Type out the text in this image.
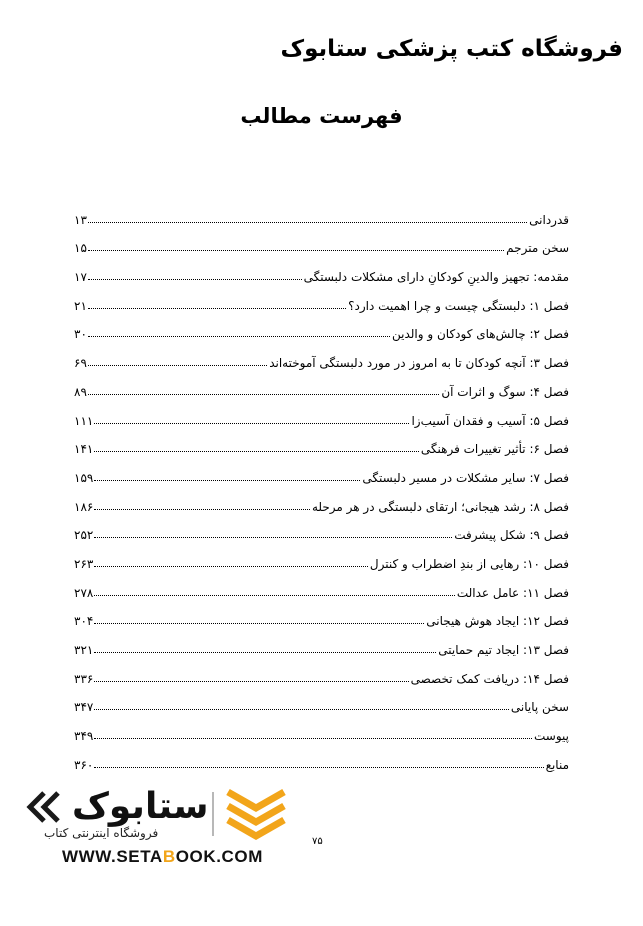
فروشگاه کتب پزشکی ستابوک
فهرست مطالب
قدردانی
۱۳
سخن مترجم
۱۵
مقدمه: تجهیز والدینِ کودکانِ دارای مشکلات دلبستگی
۱۷
فصل ۱: دلبستگی چیست و چرا اهمیت دارد؟
۲۱
فصل ۲: چالش‌های کودکان و والدین
۳۰
فصل ۳: آنچه کودکان تا به امروز در مورد دلبستگی آموخته‌اند
۶۹
فصل ۴: سوگ و اثرات آن
۸۹
فصل ۵: آسیب و فقدان آسیب‌زا
۱۱۱
فصل ۶: تأثیر تغییرات فرهنگی
۱۴۱
فصل ۷: سایر مشکلات در مسیر دلبستگی
۱۵۹
فصل ۸: رشد هیجانی؛ ارتقای دلبستگی در هر مرحله
۱۸۶
فصل ۹: شکل پیشرفت
۲۵۲
فصل ۱۰: رهایی از بندِ اضطراب و کنترل
۲۶۳
فصل ۱۱: عامل عدالت
۲۷۸
فصل ۱۲: ایجاد هوش هیجانی
۳۰۴
فصل ۱۳: ایجاد تیم حمایتی
۳۲۱
فصل ۱۴: دریافت کمک تخصصی
۳۳۶
سخن پایانی
۳۴۷
پیوست
۳۴۹
منابع
۳۶۰
ستابوک
فروشگاه اینترنتی کتاب
WWW.SETABOOK.COM
۷۵
